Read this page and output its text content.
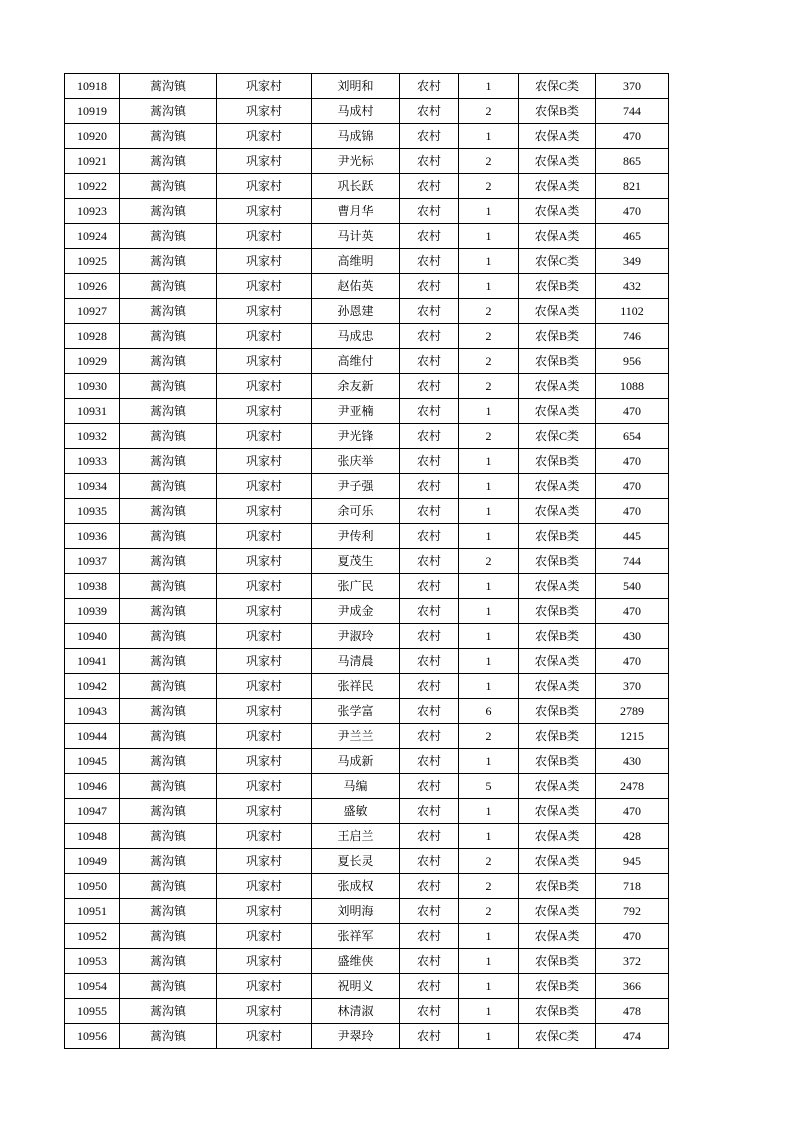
10918	蒿沟镇	巩家村	刘明和	农村	1	农保C类	370
10919	蒿沟镇	巩家村	马成村	农村	2	农保B类	744
10920	蒿沟镇	巩家村	马成锦	农村	1	农保A类	470
10921	蒿沟镇	巩家村	尹光标	农村	2	农保A类	865
10922	蒿沟镇	巩家村	巩长跃	农村	2	农保A类	821
10923	蒿沟镇	巩家村	曹月华	农村	1	农保A类	470
10924	蒿沟镇	巩家村	马计英	农村	1	农保A类	465
10925	蒿沟镇	巩家村	高维明	农村	1	农保C类	349
10926	蒿沟镇	巩家村	赵佑英	农村	1	农保B类	432
10927	蒿沟镇	巩家村	孙恩建	农村	2	农保A类	1102
10928	蒿沟镇	巩家村	马成忠	农村	2	农保B类	746
10929	蒿沟镇	巩家村	高维付	农村	2	农保B类	956
10930	蒿沟镇	巩家村	余友新	农村	2	农保A类	1088
10931	蒿沟镇	巩家村	尹亚楠	农村	1	农保A类	470
10932	蒿沟镇	巩家村	尹光锋	农村	2	农保C类	654
10933	蒿沟镇	巩家村	张庆举	农村	1	农保B类	470
10934	蒿沟镇	巩家村	尹子强	农村	1	农保A类	470
10935	蒿沟镇	巩家村	余可乐	农村	1	农保A类	470
10936	蒿沟镇	巩家村	尹传利	农村	1	农保B类	445
10937	蒿沟镇	巩家村	夏茂生	农村	2	农保B类	744
10938	蒿沟镇	巩家村	张广民	农村	1	农保A类	540
10939	蒿沟镇	巩家村	尹成金	农村	1	农保B类	470
10940	蒿沟镇	巩家村	尹淑玲	农村	1	农保B类	430
10941	蒿沟镇	巩家村	马清晨	农村	1	农保A类	470
10942	蒿沟镇	巩家村	张祥民	农村	1	农保A类	370
10943	蒿沟镇	巩家村	张学富	农村	6	农保B类	2789
10944	蒿沟镇	巩家村	尹兰兰	农村	2	农保B类	1215
10945	蒿沟镇	巩家村	马成新	农村	1	农保B类	430
10946	蒿沟镇	巩家村	马编	农村	5	农保A类	2478
10947	蒿沟镇	巩家村	盛敏	农村	1	农保A类	470
10948	蒿沟镇	巩家村	王启兰	农村	1	农保A类	428
10949	蒿沟镇	巩家村	夏长灵	农村	2	农保A类	945
10950	蒿沟镇	巩家村	张成权	农村	2	农保B类	718
10951	蒿沟镇	巩家村	刘明海	农村	2	农保A类	792
10952	蒿沟镇	巩家村	张祥军	农村	1	农保A类	470
10953	蒿沟镇	巩家村	盛维侠	农村	1	农保B类	372
10954	蒿沟镇	巩家村	祝明义	农村	1	农保B类	366
10955	蒿沟镇	巩家村	林清淑	农村	1	农保B类	478
10956	蒿沟镇	巩家村	尹翠玲	农村	1	农保C类	474
